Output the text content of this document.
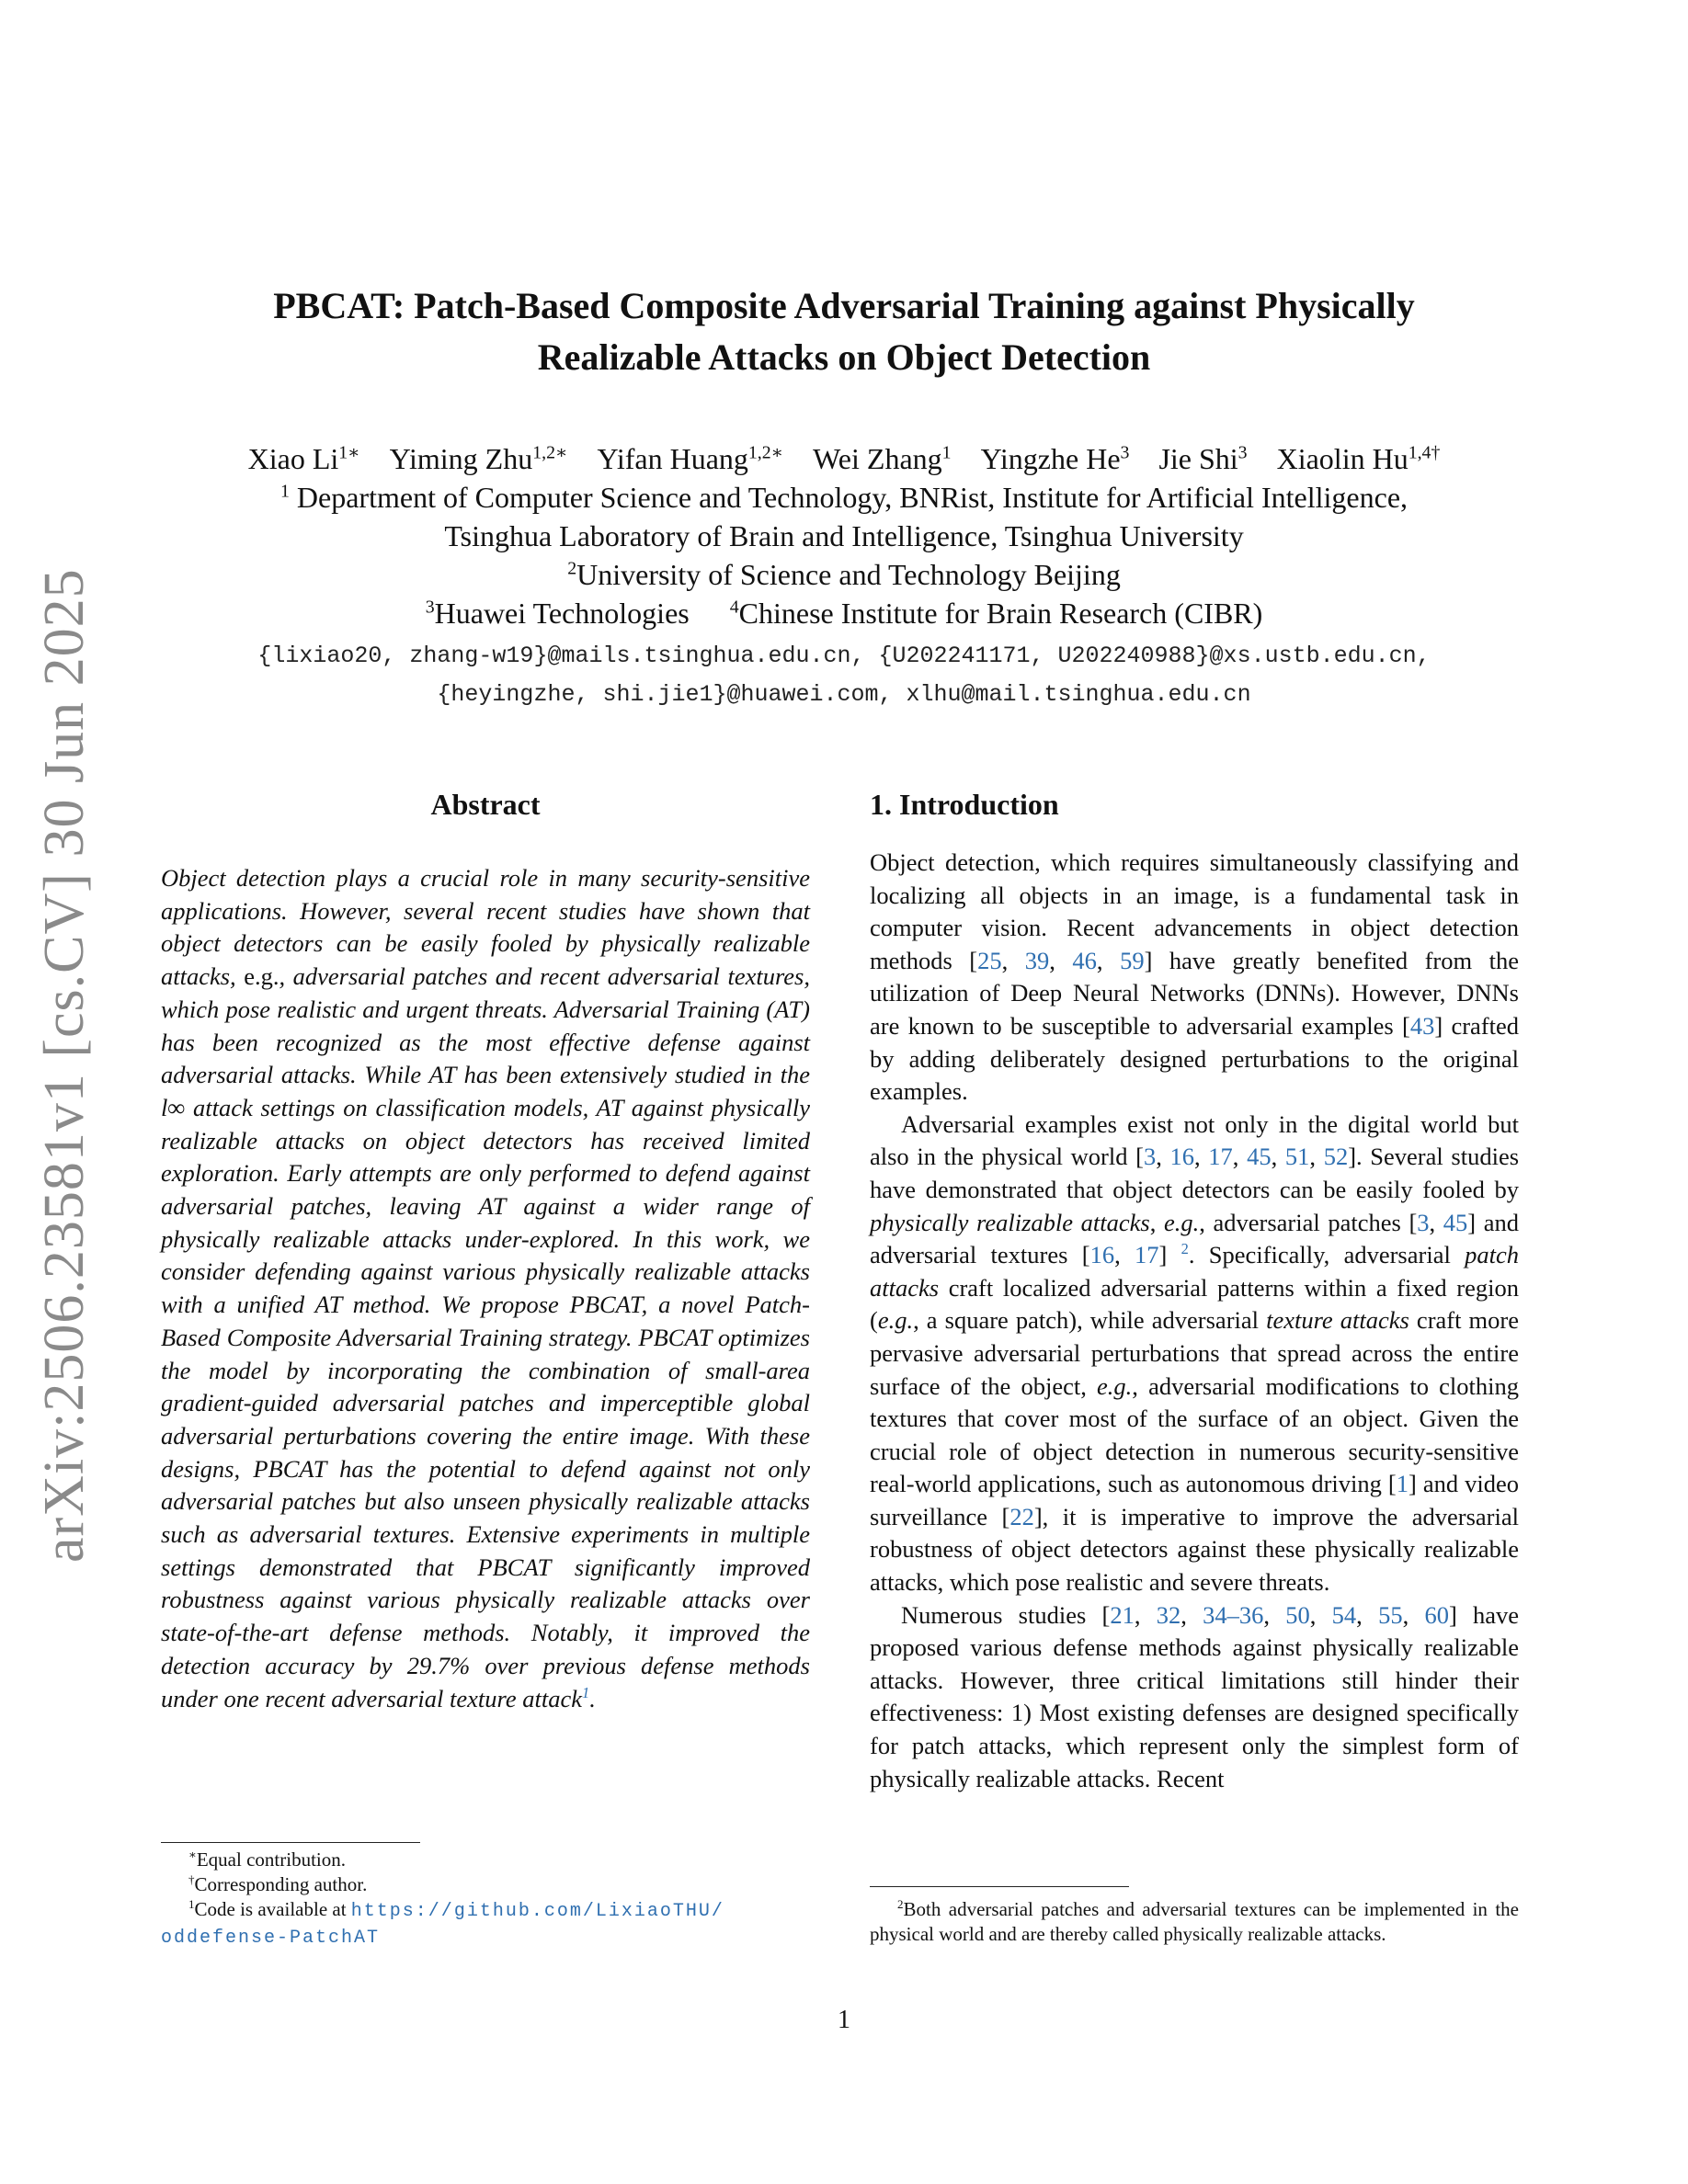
arXiv:2506.23581v1 [cs.CV] 30 Jun 2025
PBCAT: Patch-Based Composite Adversarial Training against Physically
Realizable Attacks on Object Detection
Xiao $Li^{1∗}$ Yiming Zhu$^{1,2∗}$ Yifan Huang$^{1,2∗}$ Wei Zhang$^1$ Yingzhe He$^3$ Jie Shi$^3$ Xiaolin $Hu^{1,4\dagger}$
$^1$ Department of Computer Science and Technology, BNRist, Institute for Artificial Intelligence,
Tsinghua Laboratory of Brain and Intelligence, Tsinghua University
$^2$University of Science and Technology Beijing
$^3$Huawei Technologies $^4$Chinese Institute for Brain Research (CIBR)
{lixiao20, zhang-w19}@mails.tsinghua.edu.cn, {U202241171, U202240988}@xs.ustb.edu.cn,
{heyingzhe, shi.jie1}@huawei.com, xlhu@mail.tsinghua.edu.cn
Abstract
Object detection plays a crucial role in many security-sensitive applications. However, several recent studies have shown that object detectors can be easily fooled by physically realizable attacks, e.g., adversarial patches and recent adversarial textures, which pose realistic and urgent threats. Adversarial Training (AT) has been recognized as the most effective defense against adversarial attacks. While AT has been extensively studied in the l∞ attack settings on classification models, AT against physically realizable attacks on object detectors has received limited exploration. Early attempts are only performed to defend against adversarial patches, leaving AT against a wider range of physically realizable attacks under-explored. In this work, we consider defending against various physically realizable attacks with a unified AT method. We propose PBCAT, a novel Patch-Based Composite Adversarial Training strategy. PBCAT optimizes the model by incorporating the combination of small-area gradient-guided adversarial patches and imperceptible global adversarial perturbations covering the entire image. With these designs, PBCAT has the potential to defend against not only adversarial patches but also unseen physically realizable attacks such as adversarial textures. Extensive experiments in multiple settings demonstrated that PBCAT significantly improved robustness against various physically realizable attacks over state-of-the-art defense methods. Notably, it improved the detection accuracy by 29.7% over previous defense methods under one recent adversarial texture attack$^1$.
∗Equal contribution.
†Corresponding author.
$^1$Code is available at https://github.com/LixiaoTHU/
oddefense-PatchAT
1. Introduction

Object detection, which requires simultaneously classifying and localizing all objects in an image, is a fundamental task in computer vision. Recent advancements in object detection methods [25, 39, 46, 59] have greatly benefited from the utilization of Deep Neural Networks (DNNs). However, DNNs are known to be susceptible to adversarial examples [43] crafted by adding deliberately designed perturbations to the original examples.

Adversarial examples exist not only in the digital world but also in the physical world [3, 16, 17, 45, 51, 52]. Several studies have demonstrated that object detectors can be easily fooled by physically realizable attacks, e.g., adversarial patches [3, 45] and adversarial textures [16, 17] $^2$. Specifically, adversarial patch attacks craft localized adversarial patterns within a fixed region (e.g., a square patch), while adversarial texture attacks craft more pervasive adversarial perturbations that spread across the entire surface of the object, e.g., adversarial modifications to clothing textures that cover most of the surface of an object. Given the crucial role of object detection in numerous security-sensitive real-world applications, such as autonomous driving [1] and video surveillance [22], it is imperative to improve the adversarial robustness of object detectors against these physically realizable attacks, which pose realistic and severe threats.

Numerous studies [21, 32, 34–36, 50, 54, 55, 60] have proposed various defense methods against physically realizable attacks. However, three critical limitations still hinder their effectiveness: 1) Most existing defenses are designed specifically for patch attacks, which represent only the simplest form of physically realizable attacks. Recent

$^2$Both adversarial patches and adversarial textures can be implemented in the physical world and are thereby called physically realizable attacks.
1
